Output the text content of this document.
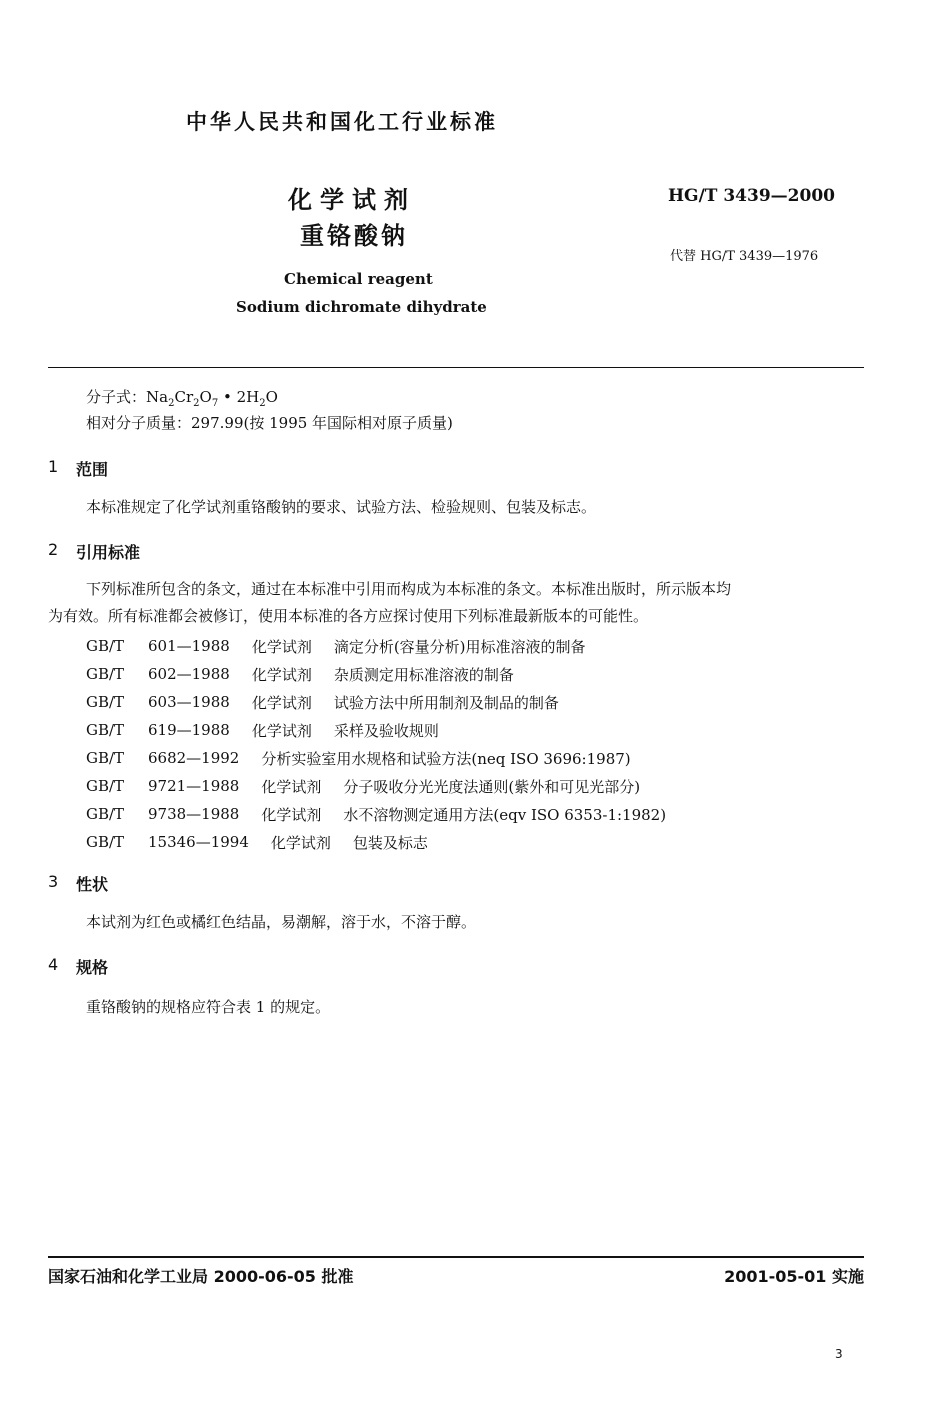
中华人民共和国化工行业标准
化学试剂
重铬酸钠
Chemical reagent
Sodium dichromate dihydrate
HG/T 3439—2000
代替 HG/T 3439—1976
分子式：$Na_2Cr_2O_7$ • $2H_2O$
相对分子质量：297.99(按 1995 年国际相对原子质量)
1 范围
本标准规定了化学试剂重铬酸钠的要求、试验方法、检验规则、包装及标志。
2 引用标准
下列标准所包含的条文，通过在本标准中引用而构成为本标准的条文。本标准出版时，所示版本均
为有效。所有标准都会被修订，使用本标准的各方应探讨使用下列标准最新版本的可能性。
GB/T	601—1988 化学试剂 滴定分析(容量分析)用标准溶液的制备
GB/T	602—1988 化学试剂 杂质测定用标准溶液的制备
GB/T	603—1988 化学试剂 试验方法中所用制剂及制品的制备
GB/T	619—1988 化学试剂 采样及验收规则
GB/T	6682—1992 分析实验室用水规格和试验方法(neq ISO 3696:1987)
GB/T	9721—1988 化学试剂 分子吸收分光光度法通则(紫外和可见光部分)
GB/T	9738—1988 化学试剂 水不溶物测定通用方法(eqv ISO 6353-1:1982)
GB/T	15346—1994 化学试剂 包装及标志
3 性状
本试剂为红色或橘红色结晶，易潮解，溶于水，不溶于醇。
4 规格
重铬酸钠的规格应符合表 1 的规定。
国家石油和化学工业局 2000-06-05 批准	2001-05-01 实施
3
